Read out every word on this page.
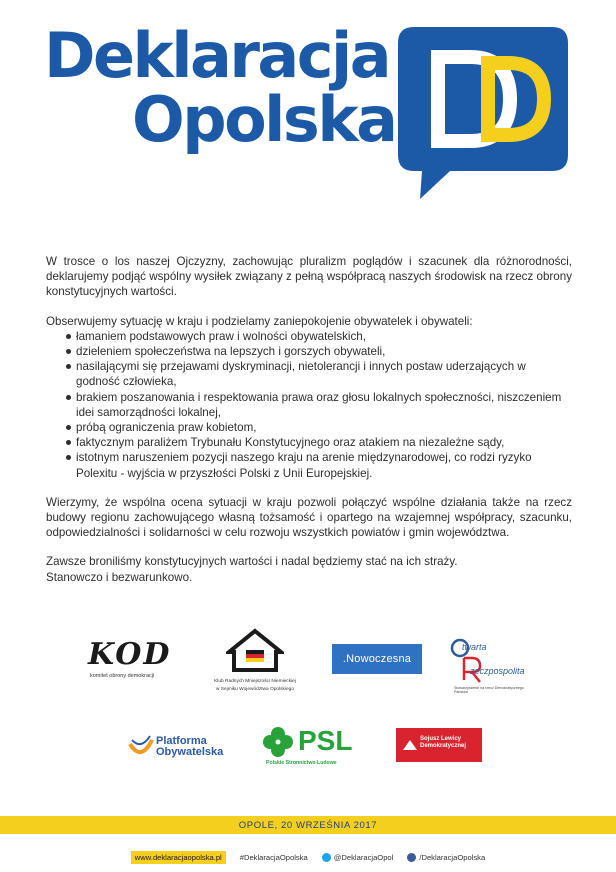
Deklaracja
Opolska

W trosce o los naszej Ojczyzny, zachowując pluralizm poglądów i szacunek dla różnorodności, deklarujemy podjąć wspólny wysiłek związany z pełną współpracą naszych środowisk na rzecz obrony konstytucyjnych wartości.

Obserwujemy sytuację w kraju i podzielamy zaniepokojenie obywatelek i obywateli:

łamaniem podstawowych praw i wolności obywatelskich,
dzieleniem społeczeństwa na lepszych i gorszych obywateli,
nasilającymi się przejawami dyskryminacji, nietolerancji i innych postaw uderzających w godność człowieka,
brakiem poszanowania i respektowania prawa oraz głosu lokalnych społeczności, niszczeniem idei samorządności lokalnej,
próbą ograniczenia praw kobietom,
faktycznym paraliżem Trybunału Konstytucyjnego oraz atakiem na niezależne sądy,
istotnym naruszeniem pozycji naszego kraju na arenie międzynarodowej, co rodzi ryzyko Polexitu - wyjścia w przyszłości Polski z Unii Europejskiej.

Wierzymy, że wspólna ocena sytuacji w kraju pozwoli połączyć wspólne działania także na rzecz budowy regionu zachowującego własną tożsamość i opartego na wzajemnej współpracy, szacunku, odpowiedzialności i solidarności w celu rozwoju wszystkich powiatów i gmin województwa.

Zawsze broniliśmy konstytucyjnych wartości i nadal będziemy stać na ich straży.
Stanowczo i bezwarunkowo.

KOD
komitet obrony demokracji
Klub Radnych Mniejszości Niemieckiej
w Sejmiku Województwa Opolskiego
.Nowoczesna
twarta
zeczpospolita
Stowarzyszenie na rzecz Demokratycznego Państwa
Platforma
Obywatelska	PSL
Polskie Stronnictwo Ludowe
Sojusz Lewicy
Demokratycznej
OPOLE, 20 WRZEŚNIA 2017
www.deklaracjaopolska.pl	#DeklaracjaOpolska	@DeklaracjaOpol	/DeklaracjaOpolska
